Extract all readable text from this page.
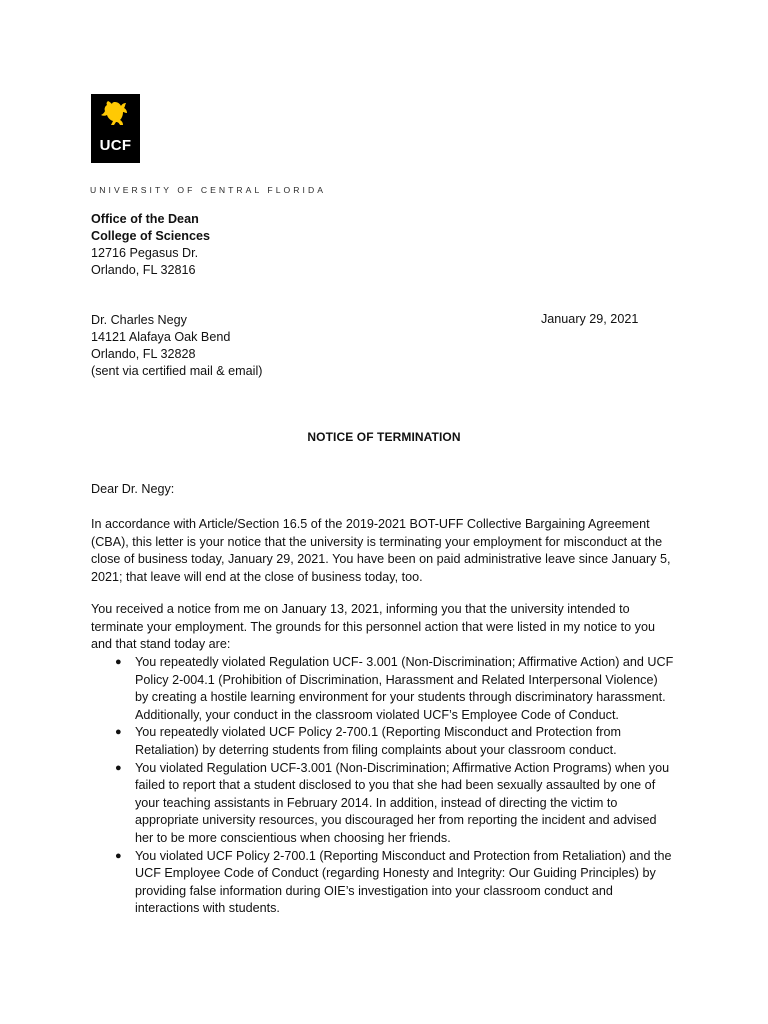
UCF
UNIVERSITY OF CENTRAL FLORIDA
Office of the Dean
College of Sciences
12716 Pegasus Dr.
Orlando, FL 32816
Dr. Charles Negy
14121 Alafaya Oak Bend
Orlando, FL 32828
(sent via certified mail & email)
January 29, 2021
NOTICE OF TERMINATION
Dear Dr. Negy:
In accordance with Article/Section 16.5 of the 2019-2021 BOT-UFF Collective Bargaining Agreement
(CBA), this letter is your notice that the university is terminating your employment for misconduct at the
close of business today, January 29, 2021. You have been on paid administrative leave since January 5,
2021; that leave will end at the close of business today, too.
You received a notice from me on January 13, 2021, informing you that the university intended to
terminate your employment. The grounds for this personnel action that were listed in my notice to you
and that stand today are:
● You repeatedly violated Regulation UCF- 3.001 (Non-Discrimination; Affirmative Action) and UCF
Policy 2-004.1 (Prohibition of Discrimination, Harassment and Related Interpersonal Violence)
by creating a hostile learning environment for your students through discriminatory harassment.
Additionally, your conduct in the classroom violated UCF’s Employee Code of Conduct.
● You repeatedly violated UCF Policy 2-700.1 (Reporting Misconduct and Protection from
Retaliation) by deterring students from filing complaints about your classroom conduct.
● You violated Regulation UCF-3.001 (Non-Discrimination; Affirmative Action Programs) when you
failed to report that a student disclosed to you that she had been sexually assaulted by one of
your teaching assistants in February 2014. In addition, instead of directing the victim to
appropriate university resources, you discouraged her from reporting the incident and advised
her to be more conscientious when choosing her friends.
● You violated UCF Policy 2-700.1 (Reporting Misconduct and Protection from Retaliation) and the
UCF Employee Code of Conduct (regarding Honesty and Integrity: Our Guiding Principles) by
providing false information during OIE’s investigation into your classroom conduct and
interactions with students.
